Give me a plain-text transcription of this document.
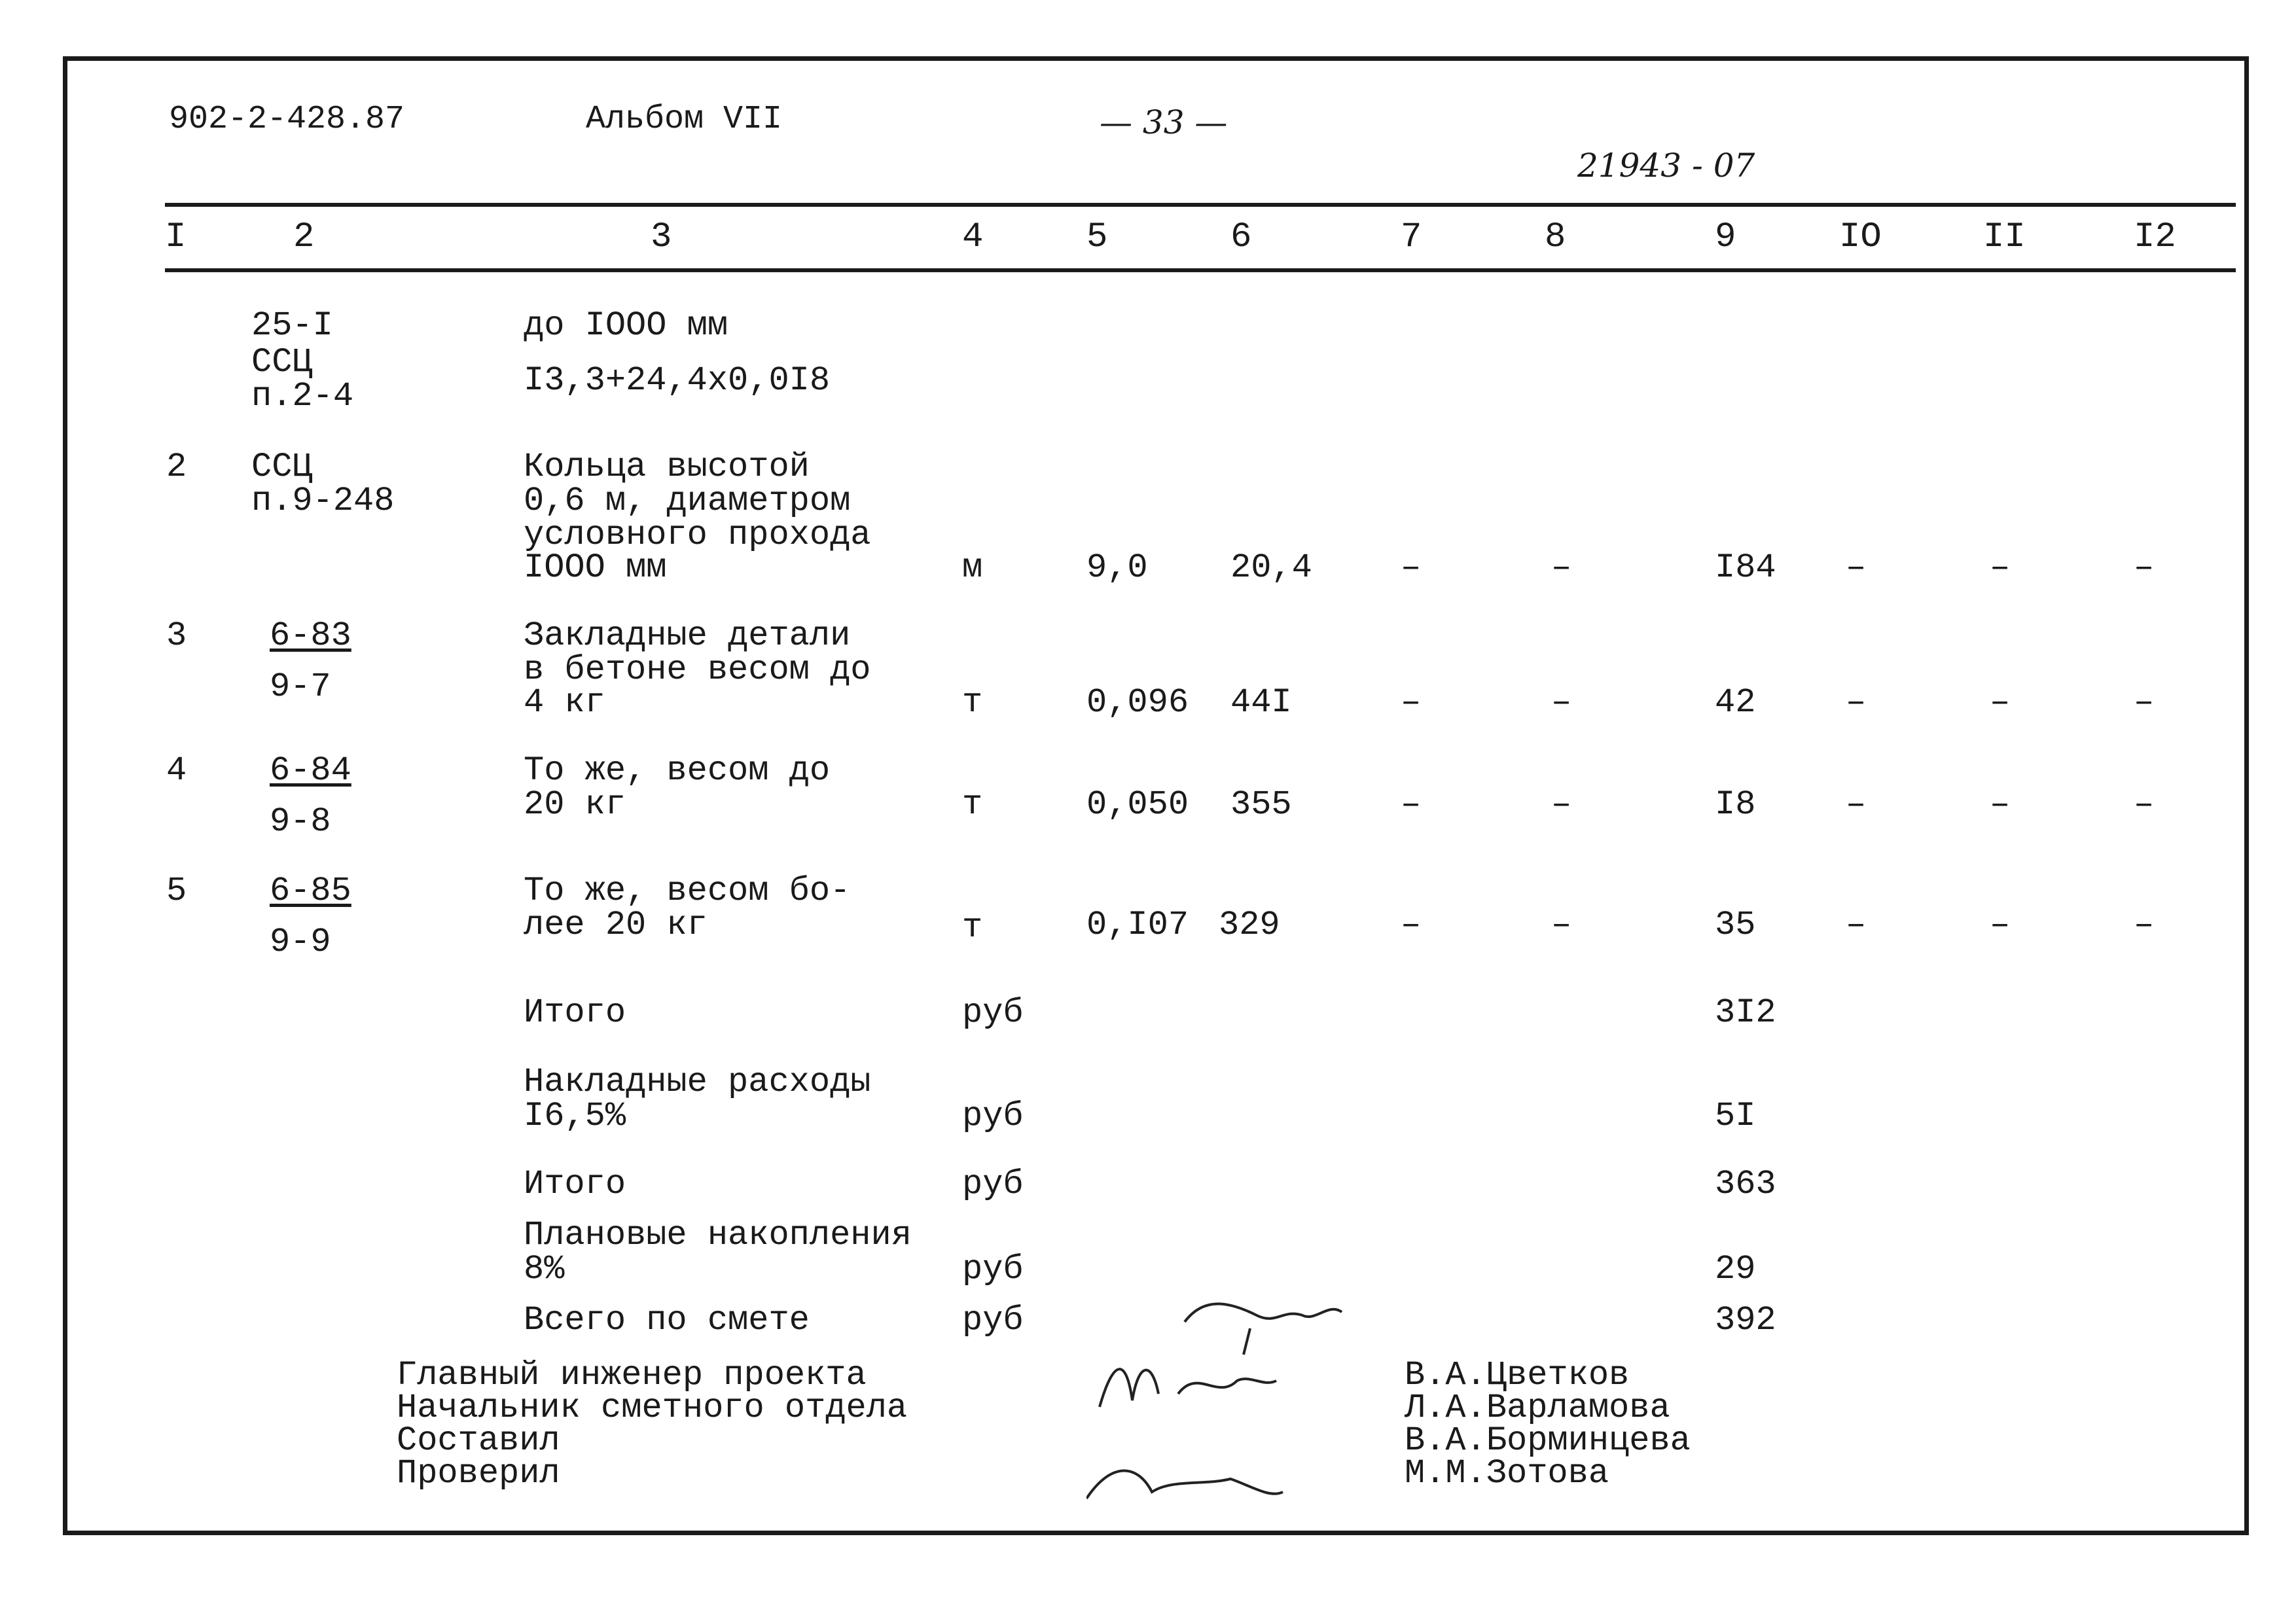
902-2-428.87	Альбом VII	— 33 —
21943 - 07
I	2	3	4	5	6	7	8	9	IO	II	I2
25-I
ССЦ
п.2-4
до IOOO мм
I3,3+24,4x0,0I8
2 ССЦ
п.9-248
Кольца высотой
0,6 м, диаметром
условного прохода
IOOO мм	м	9,0 20,4	–	–	I84 –	–	–
3 6-83
9-7
Закладные детали
в бетоне весом до
4 кг	т	0,096 44I	–	–	42	–	–	–
4 6-84
9-8
То же, весом до
20 кг	т	0,050 355	–	–	I8	–	–	–
5 6-85
9-9
То же, весом бо-
лее 20 кг	т	0,I07 329	–	–	35	–	–	–
Итого	руб	3I2
Накладные расходы
I6,5%	руб	5I
Итого	руб	363
Плановые накопления
8%	руб	29
Всего по смете	руб	392
Главный инженер проекта
Начальник сметного отдела
Составил
Проверил
В.А.Цветков
Л.А.Варламова
В.А.Борминцева
М.М.Зотова
